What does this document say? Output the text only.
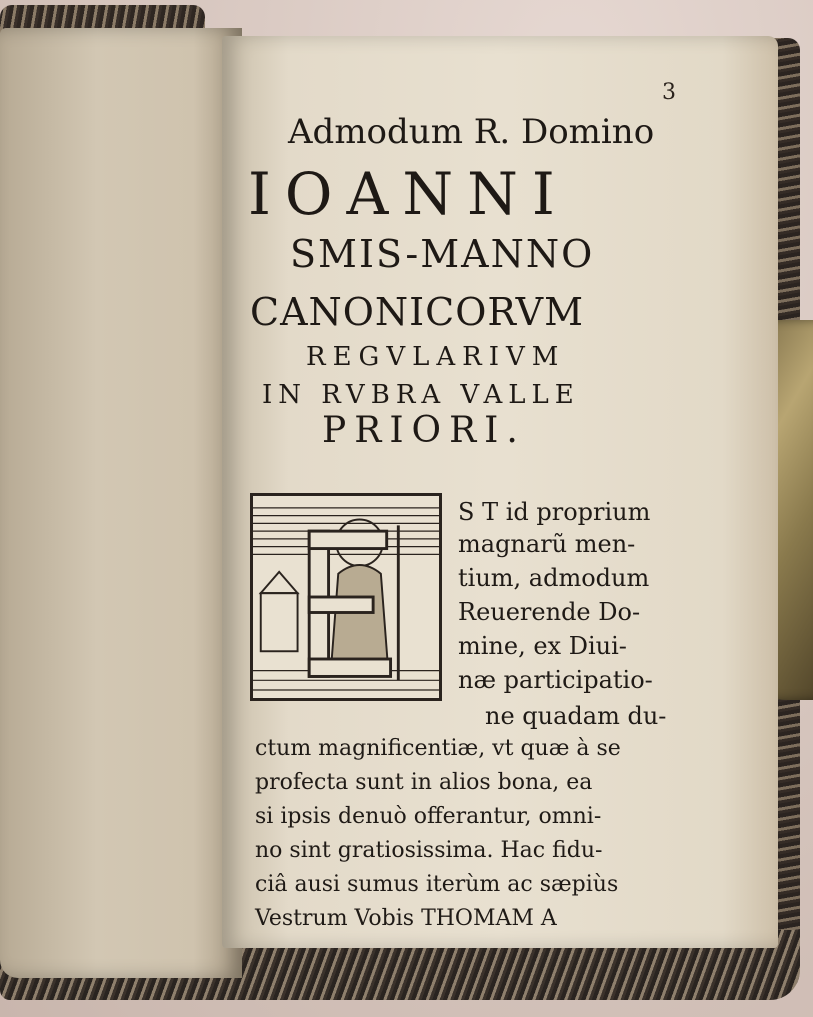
3
Admodum R. Domino
IOANNI
SMIS-MANNO
CANONICORVM
REGVLARIVM
IN RVBRA VALLE
PRIORI.
S T id proprium
magnarũ men-
tium, admodum
Reuerende Do-
mine, ex Diui-
næ participatio-
ne quadam du-
ctum magnificentiæ, vt quæ à se
profecta sunt in alios bona, ea
si ipsis denuò offerantur, omni-
no sint gratiosissima. Hac fidu-
ciâ ausi sumus iterùm ac sæpiùs
Vestrum Vobis THOMAM A
